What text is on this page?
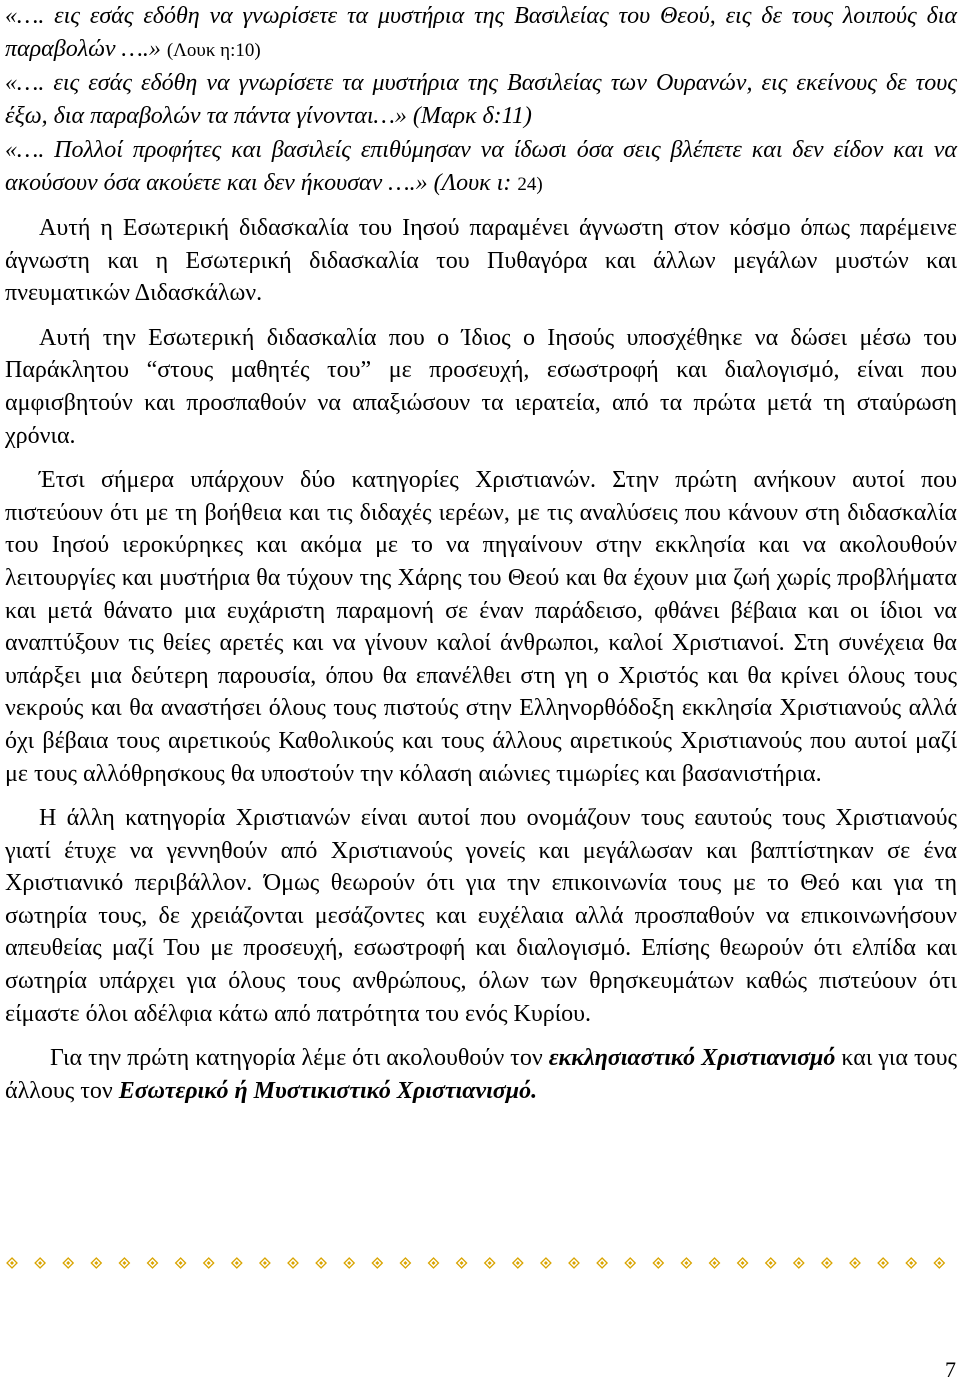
«…. εις εσάς εδόθη να γνωρίσετε τα μυστήρια της Βασιλείας του Θεού, εις δε τους λοιπούς δια παραβολών ….» (Λουκ η:10)

«…. εις εσάς εδόθη να γνωρίσετε τα μυστήρια της Βασιλείας των Ουρανών, εις εκείνους δε τους έξω, δια παραβολών τα πάντα γίνονται…» (Μαρκ δ:11)

«…. Πολλοί προφήτες και βασιλείς επιθύμησαν να ίδωσι όσα σεις βλέπετε και δεν είδον και να ακούσουν όσα ακούετε και δεν ήκουσαν ….» (Λουκ ι: 24)

Αυτή η Εσωτερική διδασκαλία του Ιησού παραμένει άγνωστη στον κόσμο όπως παρέμεινε άγνωστη και η Εσωτερική διδασκαλία του Πυθαγόρα και άλλων μεγάλων μυστών και πνευματικών Διδασκάλων.

Αυτή την Εσωτερική διδασκαλία που ο Ίδιος ο Ιησούς υποσχέθηκε να δώσει μέσω του Παράκλητου “στους μαθητές του” με προσευχή, εσωστροφή και διαλογισμό, είναι που αμφισβητούν και προσπαθούν να απαξιώσουν τα ιερατεία, από τα πρώτα μετά τη σταύρωση χρόνια.

Έτσι σήμερα υπάρχουν δύο κατηγορίες Χριστιανών. Στην πρώτη ανήκουν αυτοί που πιστεύουν ότι με τη βοήθεια και τις διδαχές ιερέων, με τις αναλύσεις που κάνουν στη διδασκαλία του Ιησού ιεροκύρηκες και ακόμα με το να πηγαίνουν στην εκκλησία και να ακολουθούν λειτουργίες και μυστήρια θα τύχουν της Χάρης του Θεού και θα έχουν μια ζωή χωρίς προβλήματα και μετά θάνατο μια ευχάριστη παραμονή σε έναν παράδεισο, φθάνει βέβαια και οι ίδιοι να αναπτύξουν τις θείες αρετές και να γίνουν καλοί άνθρωποι, καλοί Χριστιανοί. Στη συνέχεια θα υπάρξει μια δεύτερη παρουσία, όπου θα επανέλθει στη γη ο Χριστός και θα κρίνει όλους τους νεκρούς και θα αναστήσει όλους τους πιστούς στην Ελληνορθόδοξη εκκλησία Χριστιανούς αλλά όχι βέβαια τους αιρετικούς Καθολικούς και τους άλλους αιρετικούς Χριστιανούς που αυτοί μαζί με τους αλλόθρησκους θα υποστούν την κόλαση αιώνιες τιμωρίες και βασανιστήρια.

Η άλλη κατηγορία Χριστιανών είναι αυτοί που ονομάζουν τους εαυτούς τους Χριστιανούς γιατί έτυχε να γεννηθούν από Χριστιανούς γονείς και μεγάλωσαν και βαπτίστηκαν σε ένα Χριστιανικό περιβάλλον. Όμως θεωρούν ότι για την επικοινωνία τους με το Θεό και για τη σωτηρία τους, δε χρειάζονται μεσάζοντες και ευχέλαια αλλά προσπαθούν να επικοινωνήσουν απευθείας μαζί Του με προσευχή, εσωστροφή και διαλογισμό. Επίσης θεωρούν ότι ελπίδα και σωτηρία υπάρχει για όλους τους ανθρώπους, όλων των θρησκευμάτων καθώς πιστεύουν ότι είμαστε όλοι αδέλφια κάτω από πατρότητα του ενός Κυρίου.

Για την πρώτη κατηγορία λέμε ότι ακολουθούν τον εκκλησιαστικό Χριστιανισμό και για τους άλλους τον Εσωτερικό ή Μυστικιστικό Χριστιανισμό.

7
